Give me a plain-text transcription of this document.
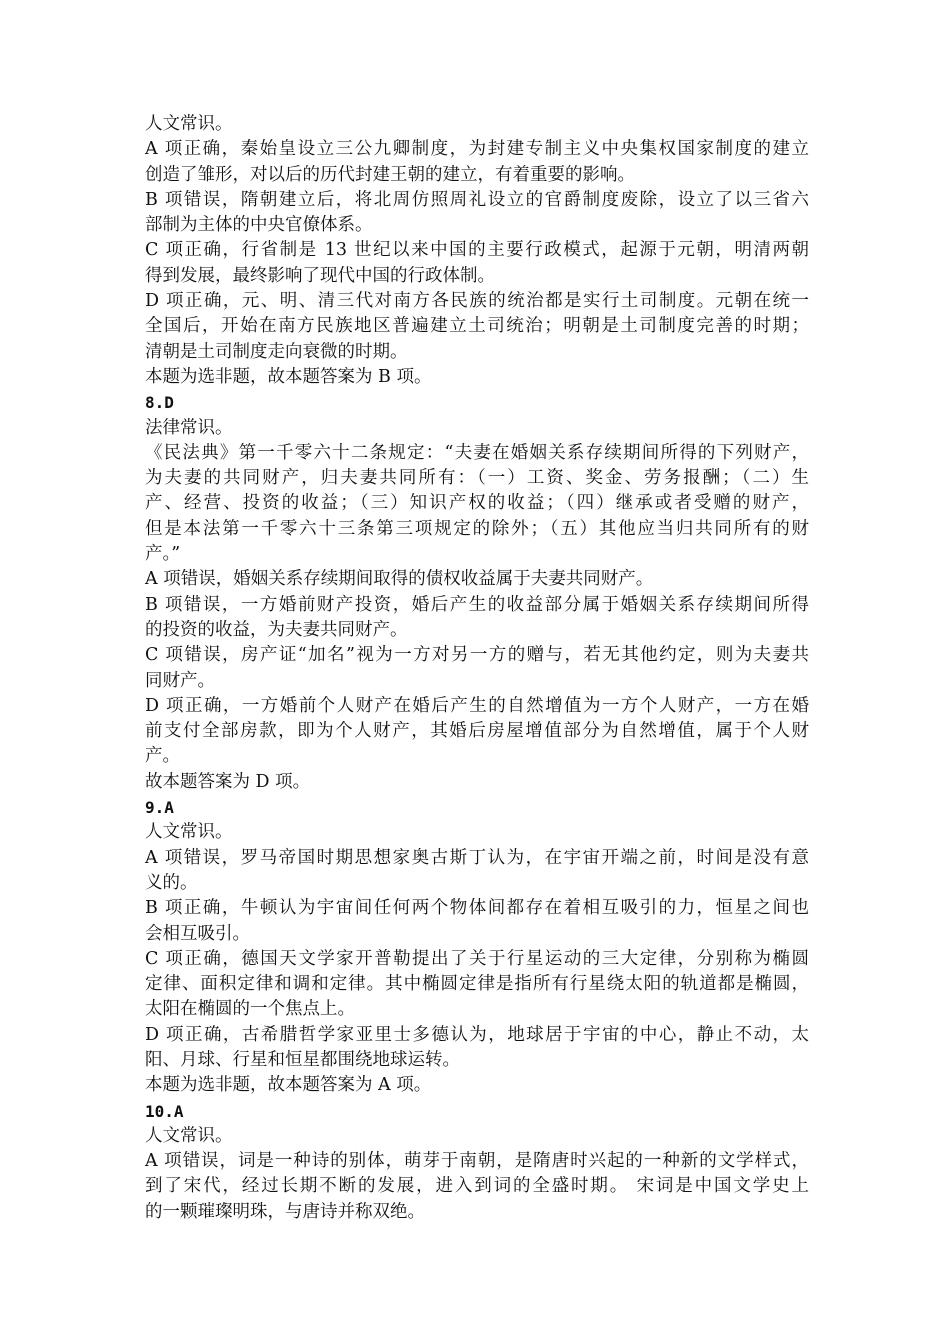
人文常识。
A 项正确，秦始皇设立三公九卿制度，为封建专制主义中央集权国家制度的建立
创造了雏形，对以后的历代封建王朝的建立，有着重要的影响。
B 项错误，隋朝建立后，将北周仿照周礼设立的官爵制度废除，设立了以三省六
部制为主体的中央官僚体系。
C 项正确，行省制是 13 世纪以来中国的主要行政模式，起源于元朝，明清两朝
得到发展，最终影响了现代中国的行政体制。
D 项正确，元、明、清三代对南方各民族的统治都是实行土司制度。元朝在统一
全国后，开始在南方民族地区普遍建立土司统治；明朝是土司制度完善的时期；
清朝是土司制度走向衰微的时期。
本题为选非题，故本题答案为 B 项。
8.D
法律常识。
《民法典》第一千零六十二条规定：“夫妻在婚姻关系存续期间所得的下列财产，
为夫妻的共同财产，归夫妻共同所有：（一）工资、奖金、劳务报酬；（二）生
产、经营、投资的收益；（三）知识产权的收益；（四）继承或者受赠的财产，
但是本法第一千零六十三条第三项规定的除外；（五）其他应当归共同所有的财
产。”
A 项错误，婚姻关系存续期间取得的债权收益属于夫妻共同财产。
B 项错误，一方婚前财产投资，婚后产生的收益部分属于婚姻关系存续期间所得
的投资的收益，为夫妻共同财产。
C 项错误，房产证“加名”视为一方对另一方的赠与，若无其他约定，则为夫妻共
同财产。
D 项正确，一方婚前个人财产在婚后产生的自然增值为一方个人财产，一方在婚
前支付全部房款，即为个人财产，其婚后房屋增值部分为自然增值，属于个人财
产。
故本题答案为 D 项。
9.A
人文常识。
A 项错误，罗马帝国时期思想家奥古斯丁认为，在宇宙开端之前，时间是没有意
义的。
B 项正确，牛顿认为宇宙间任何两个物体间都存在着相互吸引的力，恒星之间也
会相互吸引。
C 项正确，德国天文学家开普勒提出了关于行星运动的三大定律，分别称为椭圆
定律、面积定律和调和定律。其中椭圆定律是指所有行星绕太阳的轨道都是椭圆，
太阳在椭圆的一个焦点上。
D 项正确，古希腊哲学家亚里士多德认为，地球居于宇宙的中心，静止不动，太
阳、月球、行星和恒星都围绕地球运转。
本题为选非题，故本题答案为 A 项。
10.A
人文常识。
A 项错误，词是一种诗的别体，萌芽于南朝，是隋唐时兴起的一种新的文学样式，
到了宋代，经过长期不断的发展，进入到词的全盛时期。 宋词是中国文学史上
的一颗璀璨明珠，与唐诗并称双绝。
